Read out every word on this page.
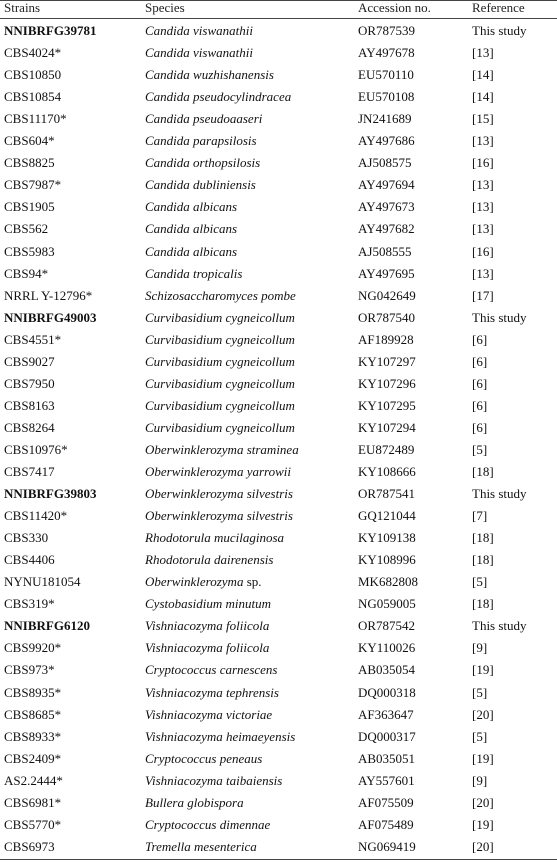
Strains	Species	Accession no.	Reference
NNIBRFG39781	Candida viswanathii	OR787539	This study
CBS4024*	Candida viswanathii	AY497678	[13]
CBS10850	Candida wuzhishanensis	EU570110	[14]
CBS10854	Candida pseudocylindracea	EU570108	[14]
CBS11170*	Candida pseudoaaseri	JN241689	[15]
CBS604*	Candida parapsilosis	AY497686	[13]
CBS8825	Candida orthopsilosis	AJ508575	[16]
CBS7987*	Candida dubliniensis	AY497694	[13]
CBS1905	Candida albicans	AY497673	[13]
CBS562	Candida albicans	AY497682	[13]
CBS5983	Candida albicans	AJ508555	[16]
CBS94*	Candida tropicalis	AY497695	[13]
NRRL Y-12796*	Schizosaccharomyces pombe	NG042649	[17]
NNIBRFG49003	Curvibasidium cygneicollum	OR787540	This study
CBS4551*	Curvibasidium cygneicollum	AF189928	[6]
CBS9027	Curvibasidium cygneicollum	KY107297	[6]
CBS7950	Curvibasidium cygneicollum	KY107296	[6]
CBS8163	Curvibasidium cygneicollum	KY107295	[6]
CBS8264	Curvibasidium cygneicollum	KY107294	[6]
CBS10976*	Oberwinklerozyma straminea	EU872489	[5]
CBS7417	Oberwinklerozyma yarrowii	KY108666	[18]
NNIBRFG39803	Oberwinklerozyma silvestris	OR787541	This study
CBS11420*	Oberwinklerozyma silvestris	GQ121044	[7]
CBS330	Rhodotorula mucilaginosa	KY109138	[18]
CBS4406	Rhodotorula dairenensis	KY108996	[18]
NYNU181054	Oberwinklerozyma sp.	MK682808	[5]
CBS319*	Cystobasidium minutum	NG059005	[18]
NNIBRFG6120	Vishniacozyma foliicola	OR787542	This study
CBS9920*	Vishniacozyma foliicola	KY110026	[9]
CBS973*	Cryptococcus carnescens	AB035054	[19]
CBS8935*	Vishniacozyma tephrensis	DQ000318	[5]
CBS8685*	Vishniacozyma victoriae	AF363647	[20]
CBS8933*	Vishniacozyma heimaeyensis	DQ000317	[5]
CBS2409*	Cryptococcus peneaus	AB035051	[19]
AS2.2444*	Vishniacozyma taibaiensis	AY557601	[9]
CBS6981*	Bullera globispora	AF075509	[20]
CBS5770*	Cryptococcus dimennae	AF075489	[19]
CBS6973	Tremella mesenterica	NG069419	[20]
